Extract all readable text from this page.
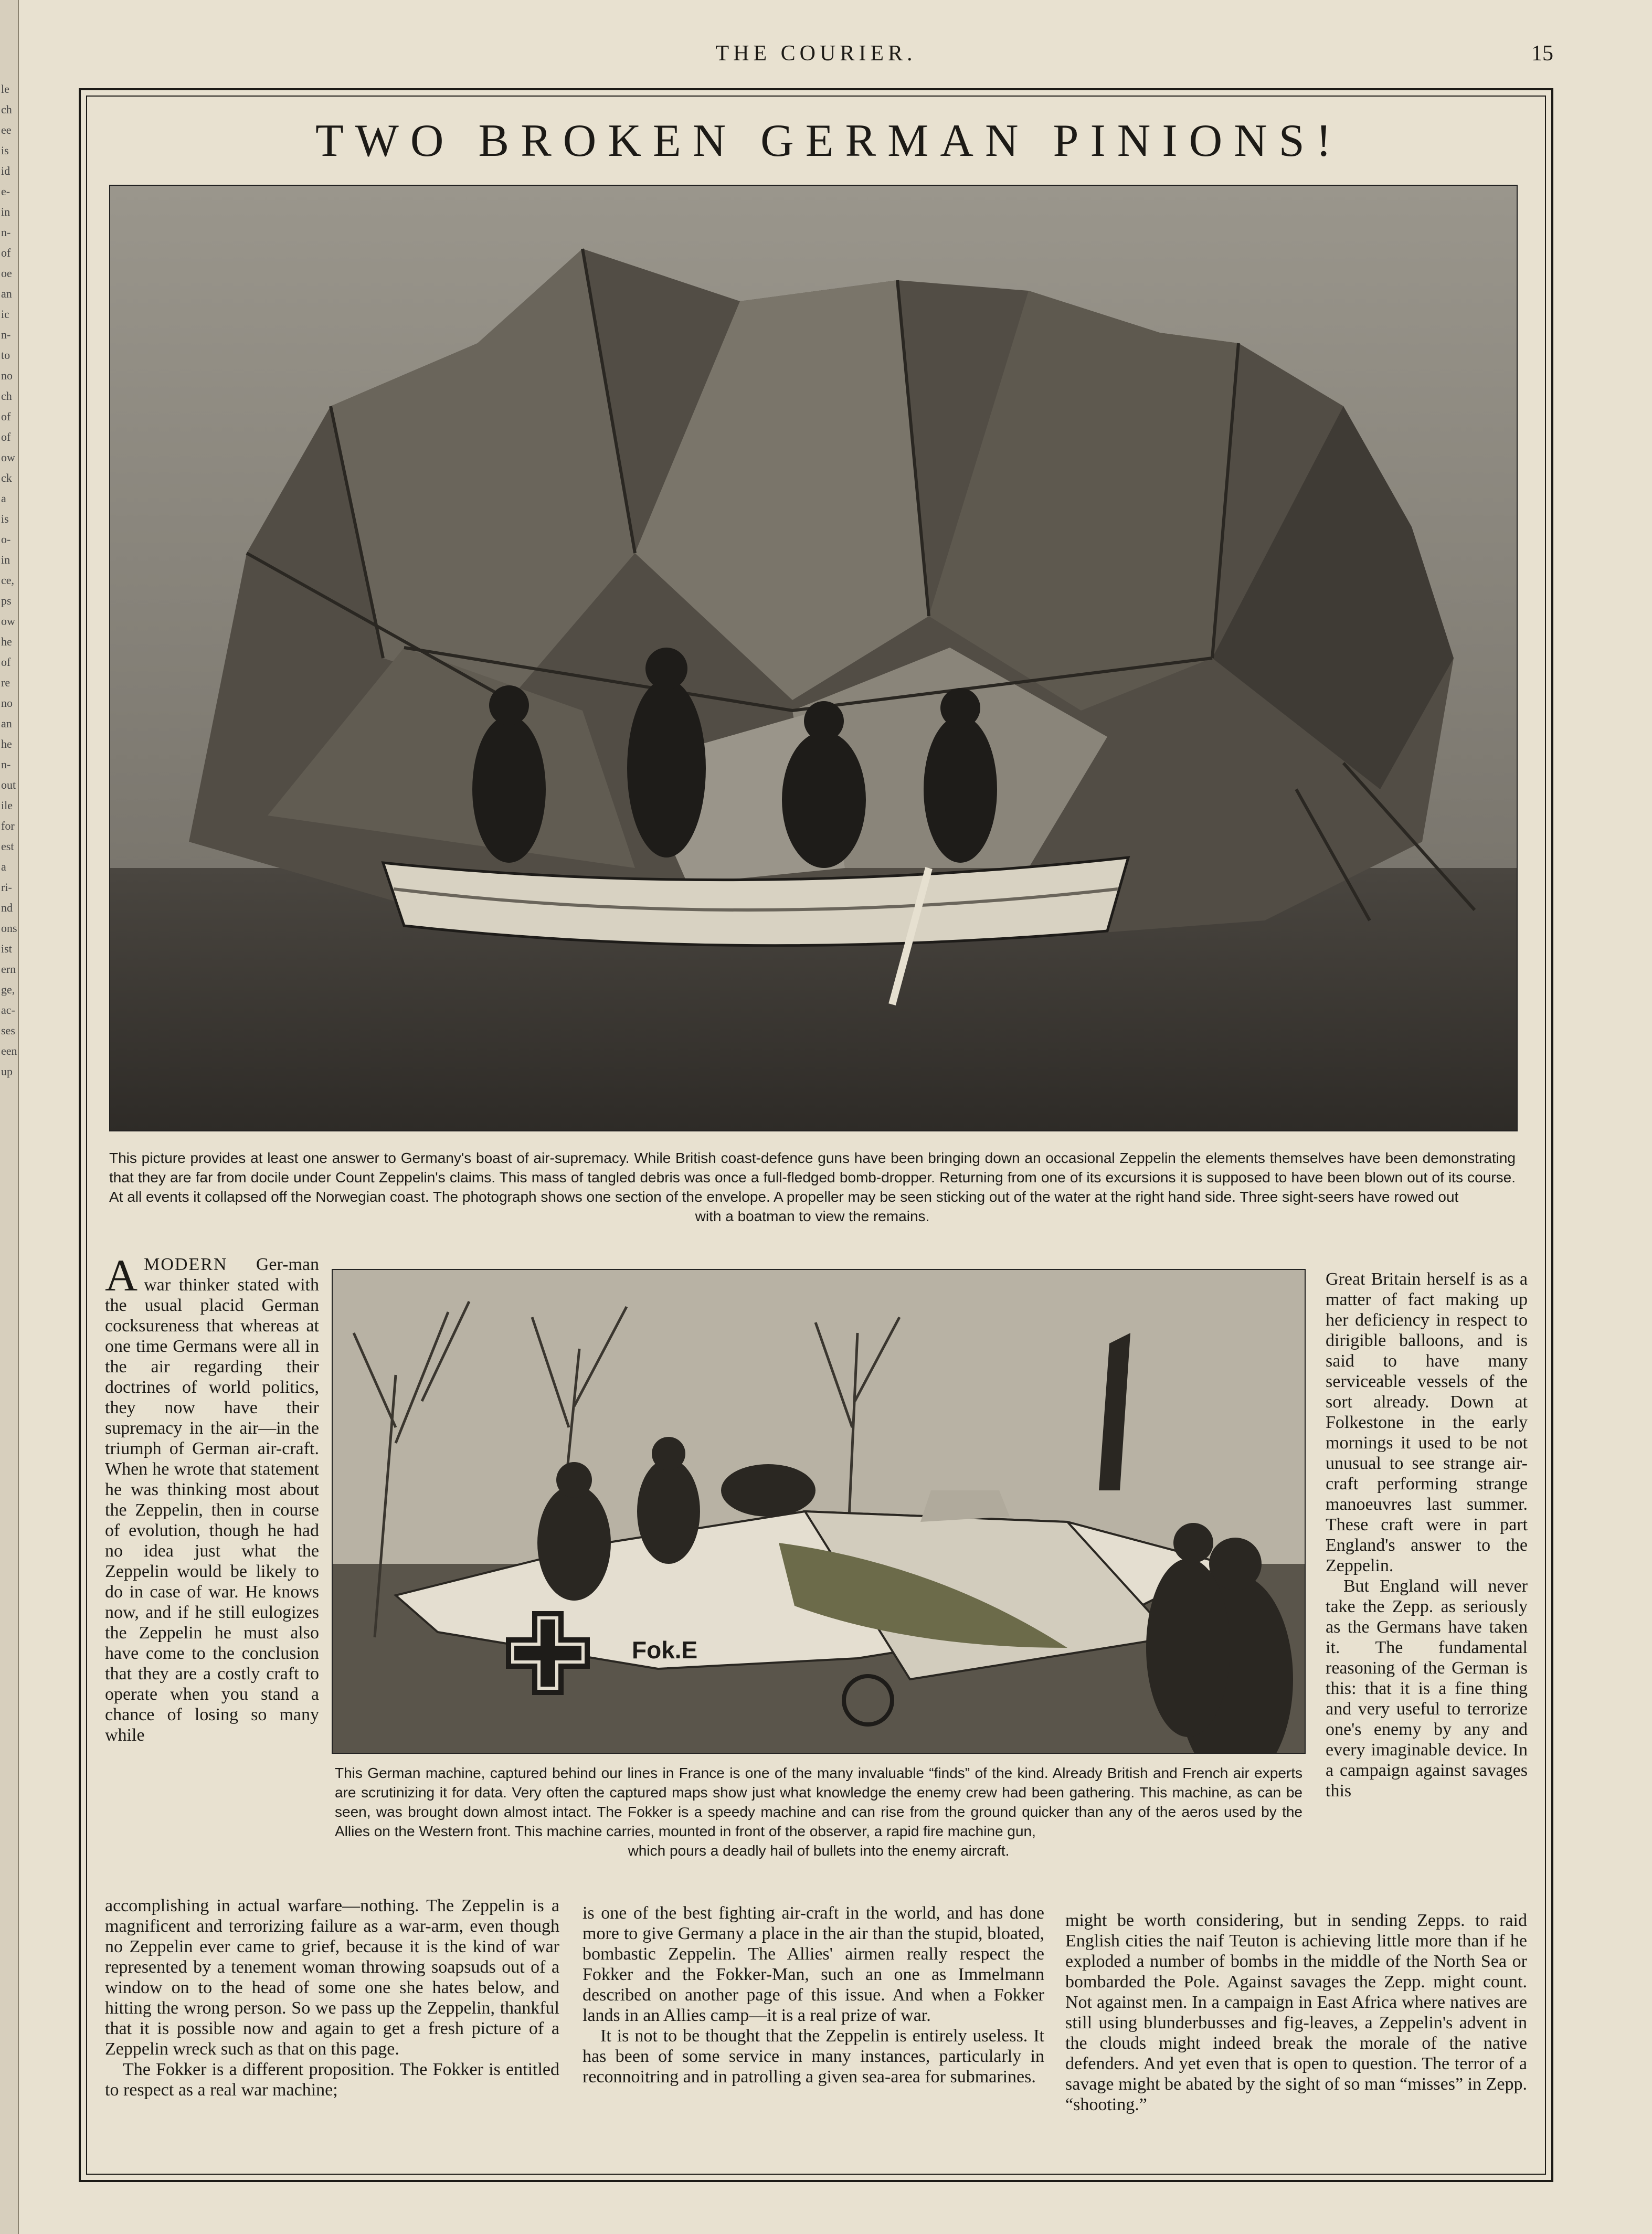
le
ch
ee
is
id
e-
in
n-
of
oe
an
ic
n-
to
no
ch
of
of
ow
ck
a
is
o-
in
ce,
ps
ow
he
of
re
no
an
he
n-
out
ile
for
est
a
ri-
nd
ons
ist
ern
ge,
ac-
ses
een
up
THE COURIER.	15
TWO BROKEN GERMAN PINIONS!
This picture provides at least one answer to Germany's boast of air-supremacy. While British coast-defence guns have been bringing down an occasional Zeppelin the elements themselves have been demonstrating that they are far from docile under Count Zeppelin's claims. This mass of tangled debris was once a full-fledged bomb-dropper. Returning from one of its excursions it is supposed to have been blown out of its course. At all events it collapsed off the Norwegian coast. The photograph shows one section of the envelope. A propeller may be seen sticking out of the water at the right hand side. Three sight-seers have rowed out
with a boatman to view the remains.

A MODERN Ger-man war thinker stated with the usual placid German cocksureness that whereas at one time Germans were all in the air regarding their doctrines of world politics, they now have their supremacy in the air—in the triumph of German air-craft. When he wrote that statement he was thinking most about the Zeppelin, then in course of evolution, though he had no idea just what the Zeppelin would be likely to do in case of war. He knows now, and if he still eulogizes the Zeppelin he must also have come to the conclusion that they are a costly craft to operate when you stand a chance of losing so many while

Fok.E
This German machine, captured behind our lines in France is one of the many invaluable “finds” of the kind. Already British and French air experts are scrutinizing it for data. Very often the captured maps show just what knowledge the enemy crew had been gathering. This machine, as can be seen, was brought down almost intact. The Fokker is a speedy machine and can rise from the ground quicker than any of the aeros used by the Allies on the Western front. This machine carries, mounted in front of the observer, a rapid fire machine gun,
which pours a deadly hail of bullets into the enemy aircraft.

Great Britain herself is as a matter of fact making up her deficiency in respect to dirigible balloons, and is said to have many serviceable vessels of the sort already. Down at Folkestone in the early mornings it used to be not unusual to see strange air-craft performing strange manoeuvres last summer. These craft were in part England's answer to the Zeppelin.

But England will never take the Zepp. as seriously as the Germans have taken it. The fundamental reasoning of the German is this: that it is a fine thing and very useful to terrorize one's enemy by any and every imaginable device. In a campaign against savages this

accomplishing in actual warfare—nothing. The Zeppelin is a magnificent and terrorizing failure as a war-arm, even though no Zeppelin ever came to grief, because it is the kind of war represented by a tenement woman throwing soapsuds out of a window on to the head of some one she hates below, and hitting the wrong person. So we pass up the Zeppelin, thankful that it is possible now and again to get a fresh picture of a Zeppelin wreck such as that on this page.

The Fokker is a different proposition. The Fokker is entitled to respect as a real war machine;

is one of the best fighting air-craft in the world, and has done more to give Germany a place in the air than the stupid, bloated, bombastic Zeppelin. The Allies' airmen really respect the Fokker and the Fokker-Man, such an one as Immelmann described on another page of this issue. And when a Fokker lands in an Allies camp—it is a real prize of war.

It is not to be thought that the Zeppelin is entirely useless. It has been of some service in many instances, particularly in reconnoitring and in patrolling a given sea-area for submarines.

might be worth considering, but in sending Zepps. to raid English cities the naif Teuton is achieving little more than if he exploded a number of bombs in the middle of the North Sea or bombarded the Pole. Against savages the Zepp. might count. Not against men. In a campaign in East Africa where natives are still using blunderbusses and fig-leaves, a Zeppelin's advent in the clouds might indeed break the morale of the native defenders. And yet even that is open to question. The terror of a savage might be abated by the sight of so man “misses” in Zepp. “shooting.”
